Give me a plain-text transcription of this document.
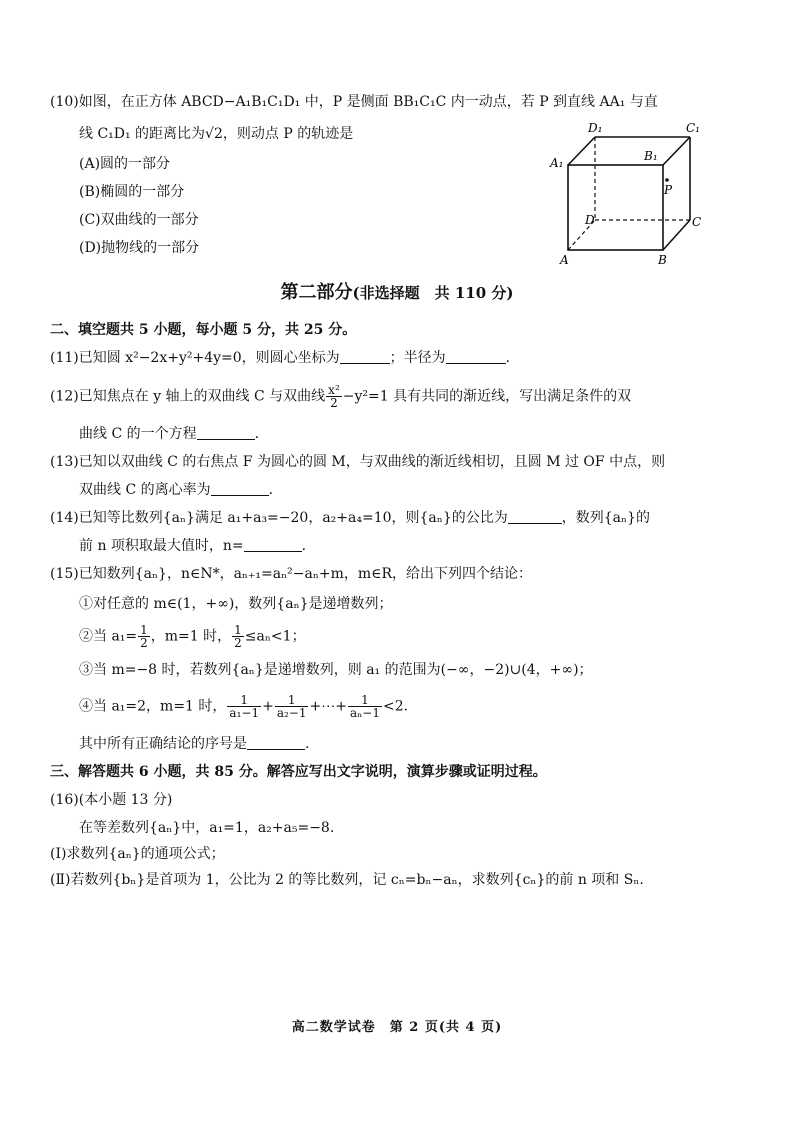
(10)如图，在正方体 ABCD−A₁B₁C₁D₁ 中，P 是侧面 BB₁C₁C 内一动点，若 P 到直线 AA₁ 与直
线 C₁D₁ 的距离比为√2，则动点 P 的轨迹是
(A)圆的一部分
(B)椭圆的一部分
(C)双曲线的一部分
(D)抛物线的一部分
D₁	C₁
A₁	B₁
P
D	C
A	B
第二部分(非选择题　共 110 分)
二、填空题共 5 小题，每小题 5 分，共 25 分。
(11)已知圆 x²−2x+y²+4y=0，则圆心坐标为	；半径为	.
(12)已知焦点在 y 轴上的双曲线 C 与双曲线 $\frac{\text{x²}}{2} -y^2=1$ 具有共同的渐近线，写出满足条件的双
曲线 C 的一个方程	.
(13)已知以双曲线 C 的右焦点 F 为圆心的圆 M，与双曲线的渐近线相切，且圆 M 过 OF 中点，则
双曲线 C 的离心率为	.
(14)已知等比数列{aₙ}满足 a₁+a₃=−20，a₂+a₄=10，则{aₙ}的公比为	，数列{aₙ}的
前 n 项积取最大值时，n=	.
(15)已知数列{aₙ}，n∈N*，aₙ₊₁=aₙ²−aₙ+m，m∈R，给出下列四个结论：
①对任意的 m∈(1，+∞)，数列{aₙ}是递增数列；
②当 $a_1= \frac{1}{2}$ ，m=1 时， $\frac{1}{2} \le a_n<1$；
③当 m=−8 时，若数列{aₙ}是递增数列，则 a₁ 的范围为(−∞，−2)∪(4，+∞)；
④当 a₁=2，m=1 时， $\frac{1}{\text{a₁−1}} + \frac{1}{\text{a₂−1}}$ +⋯+ $\frac{1}{\text{aₙ−1}} <2$.
其中所有正确结论的序号是	.
三、解答题共 6 小题，共 85 分。解答应写出文字说明，演算步骤或证明过程。
(16)(本小题 13 分)
在等差数列{aₙ}中，a₁=1，a₂+a₅=−8.
(Ⅰ)求数列{aₙ}的通项公式；
(Ⅱ)若数列{bₙ}是首项为 1，公比为 2 的等比数列，记 cₙ=bₙ−aₙ，求数列{cₙ}的前 n 项和 Sₙ.
高二数学试卷　第 2 页(共 4 页)
